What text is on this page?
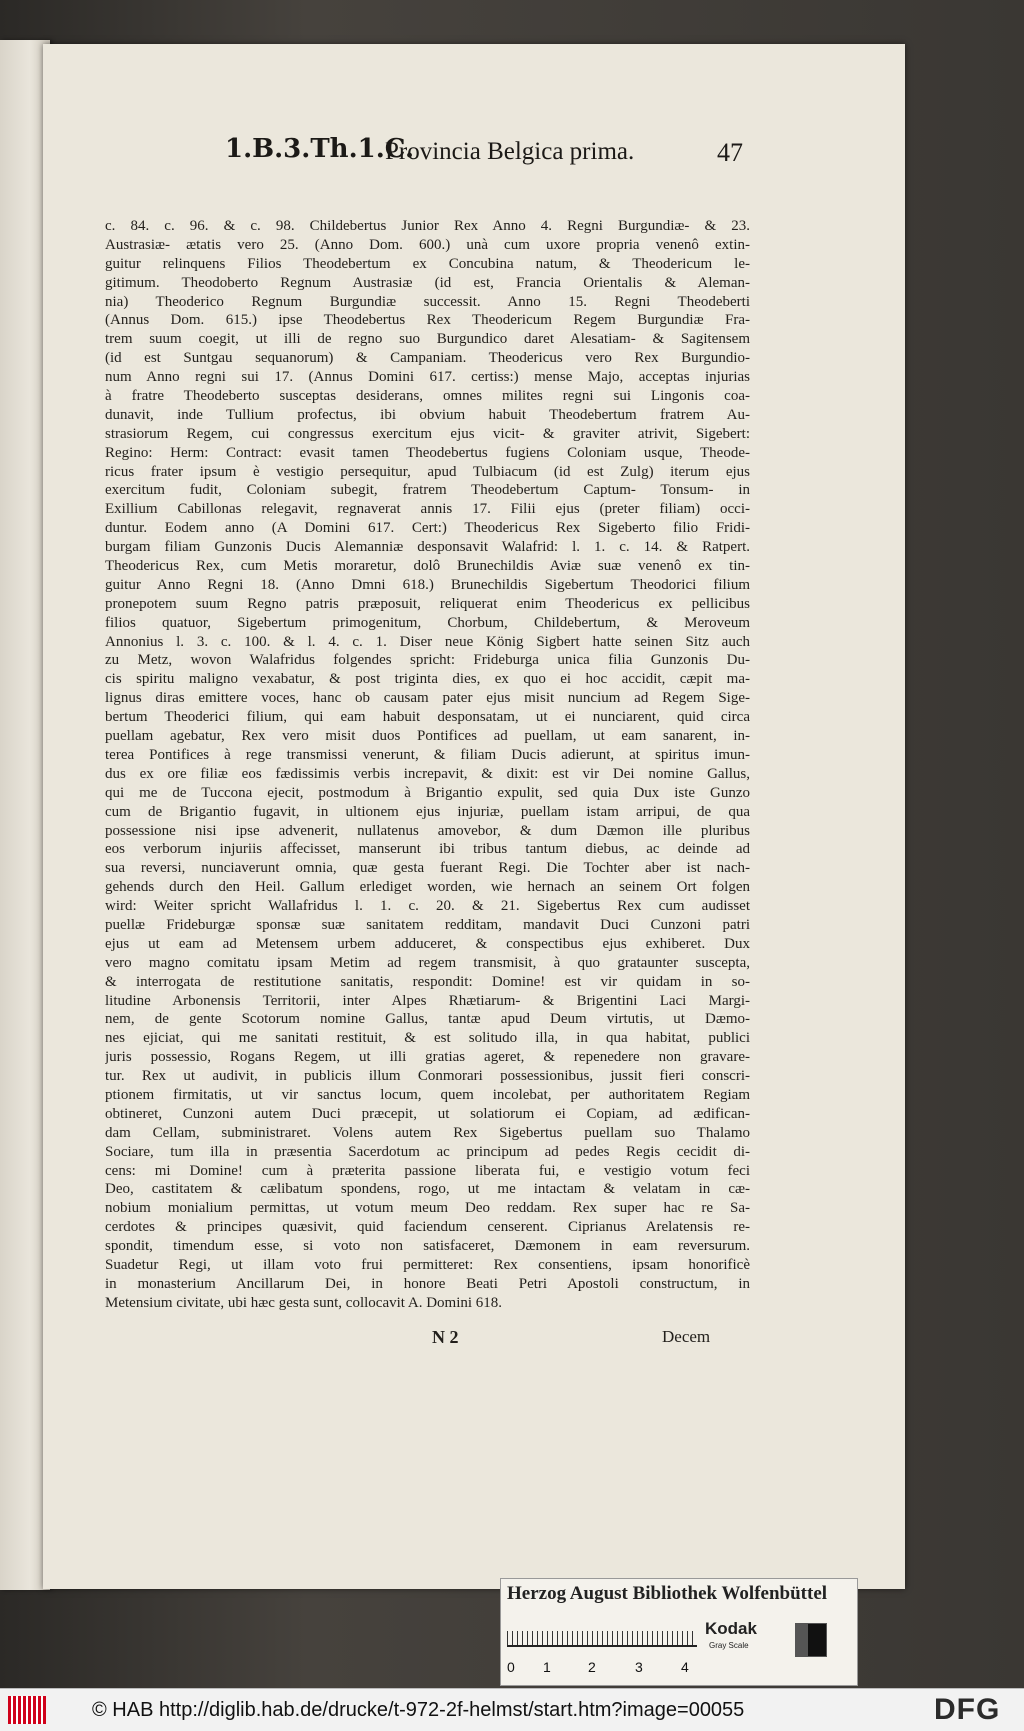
1.B.3.Th.1.C.
Provincia Belgica prima.	47
c. 84. c. 96. & c. 98. Childebertus Junior Rex Anno 4. Regni Burgundiæ- & 23.
Austrasiæ- ætatis vero 25. (Anno Dom. 600.) unà cum uxore propria venenô extin-
guitur relinquens Filios Theodebertum ex Concubina natum, & Theodericum le-
gitimum. Theodoberto Regnum Austrasiæ (id est, Francia Orientalis & Aleman-
nia) Theoderico Regnum Burgundiæ successit. Anno 15. Regni Theodeberti
(Annus Dom. 615.) ipse Theodebertus Rex Theodericum Regem Burgundiæ Fra-
trem suum coegit, ut illi de regno suo Burgundico daret Alesatiam- & Sagitensem
(id est Suntgau sequanorum) & Campaniam. Theodericus vero Rex Burgundio-
num Anno regni sui 17. (Annus Domini 617. certiss:) mense Majo, acceptas injurias
à fratre Theodeberto susceptas desiderans, omnes milites regni sui Lingonis coa-
dunavit, inde Tullium profectus, ibi obvium habuit Theodebertum fratrem Au-
strasiorum Regem, cui congressus exercitum ejus vicit- & graviter atrivit, Sigebert:
Regino: Herm: Contract: evasit tamen Theodebertus fugiens Coloniam usque, Theode-
ricus frater ipsum è vestigio persequitur, apud Tulbiacum (id est Zulg) iterum ejus
exercitum fudit, Coloniam subegit, fratrem Theodebertum Captum- Tonsum- in
Exillium Cabillonas relegavit, regnaverat annis 17. Filii ejus (preter filiam) occi-
duntur. Eodem anno (A Domini 617. Cert:) Theodericus Rex Sigeberto filio Fridi-
burgam filiam Gunzonis Ducis Alemanniæ desponsavit Walafrid: l. 1. c. 14. & Ratpert.
Theodericus Rex, cum Metis moraretur, dolô Brunechildis Aviæ suæ venenô ex tin-
guitur Anno Regni 18. (Anno Dmni 618.) Brunechildis Sigebertum Theodorici filium
pronepotem suum Regno patris præposuit, reliquerat enim Theodericus ex pellicibus
filios quatuor, Sigebertum primogenitum, Chorbum, Childebertum, & Meroveum
Annonius l. 3. c. 100. & l. 4. c. 1. Diser neue König Sigbert hatte seinen Sitz auch
zu Metz, wovon Walafridus folgendes spricht: Frideburga unica filia Gunzonis Du-
cis spiritu maligno vexabatur, & post triginta dies, ex quo ei hoc accidit, cæpit ma-
lignus diras emittere voces, hanc ob causam pater ejus misit nuncium ad Regem Sige-
bertum Theoderici filium, qui eam habuit desponsatam, ut ei nunciarent, quid circa
puellam agebatur, Rex vero misit duos Pontifices ad puellam, ut eam sanarent, in-
terea Pontifices à rege transmissi venerunt, & filiam Ducis adierunt, at spiritus imun-
dus ex ore filiæ eos fædissimis verbis increpavit, & dixit: est vir Dei nomine Gallus,
qui me de Tuccona ejecit, postmodum à Brigantio expulit, sed quia Dux iste Gunzo
cum de Brigantio fugavit, in ultionem ejus injuriæ, puellam istam arripui, de qua
possessione nisi ipse advenerit, nullatenus amovebor, & dum Dæmon ille pluribus
eos verborum injuriis affecisset, manserunt ibi tribus tantum diebus, ac deinde ad
sua reversi, nunciaverunt omnia, quæ gesta fuerant Regi. Die Tochter aber ist nach-
gehends durch den Heil. Gallum erlediget worden, wie hernach an seinem Ort folgen
wird: Weiter spricht Wallafridus l. 1. c. 20. & 21. Sigebertus Rex cum audisset
puellæ Frideburgæ sponsæ suæ sanitatem redditam, mandavit Duci Cunzoni patri
ejus ut eam ad Metensem urbem adduceret, & conspectibus ejus exhiberet. Dux
vero magno comitatu ipsam Metim ad regem transmisit, à quo grataunter suscepta,
& interrogata de restitutione sanitatis, respondit: Domine! est vir quidam in so-
litudine Arbonensis Territorii, inter Alpes Rhætiarum- & Brigentini Laci Margi-
nem, de gente Scotorum nomine Gallus, tantæ apud Deum virtutis, ut Dæmo-
nes ejiciat, qui me sanitati restituit, & est solitudo illa, in qua habitat, publici
juris possessio, Rogans Regem, ut illi gratias ageret, & repenedere non gravare-
tur. Rex ut audivit, in publicis illum Conmorari possessionibus, jussit fieri conscri-
ptionem firmitatis, ut vir sanctus locum, quem incolebat, per authoritatem Regiam
obtineret, Cunzoni autem Duci præcepit, ut solatiorum ei Copiam, ad ædifican-
dam Cellam, subministraret. Volens autem Rex Sigebertus puellam suo Thalamo
Sociare, tum illa in præsentia Sacerdotum ac principum ad pedes Regis cecidit di-
cens: mi Domine! cum à præterita passione liberata fui, e vestigio votum feci
Deo, castitatem & cælibatum spondens, rogo, ut me intactam & velatam in cæ-
nobium monialium permittas, ut votum meum Deo reddam. Rex super hac re Sa-
cerdotes & principes quæsivit, quid faciendum censerent. Ciprianus Arelatensis re-
spondit, timendum esse, si voto non satisfaceret, Dæmonem in eam reversurum.
Suadetur Regi, ut illam voto frui permitteret: Rex consentiens, ipsam honorificè
in monasterium Ancillarum Dei, in honore Beati Petri Apostoli constructum, in
Metensium civitate, ubi hæc gesta sunt, collocavit A. Domini 618.
N 2	Decem
Herzog August Bibliothek Wolfenbüttel
0 1	2	3	4
Kodak
Gray Scale
© HAB http://diglib.hab.de/drucke/t-972-2f-helmst/start.htm?image=00055	DFG
